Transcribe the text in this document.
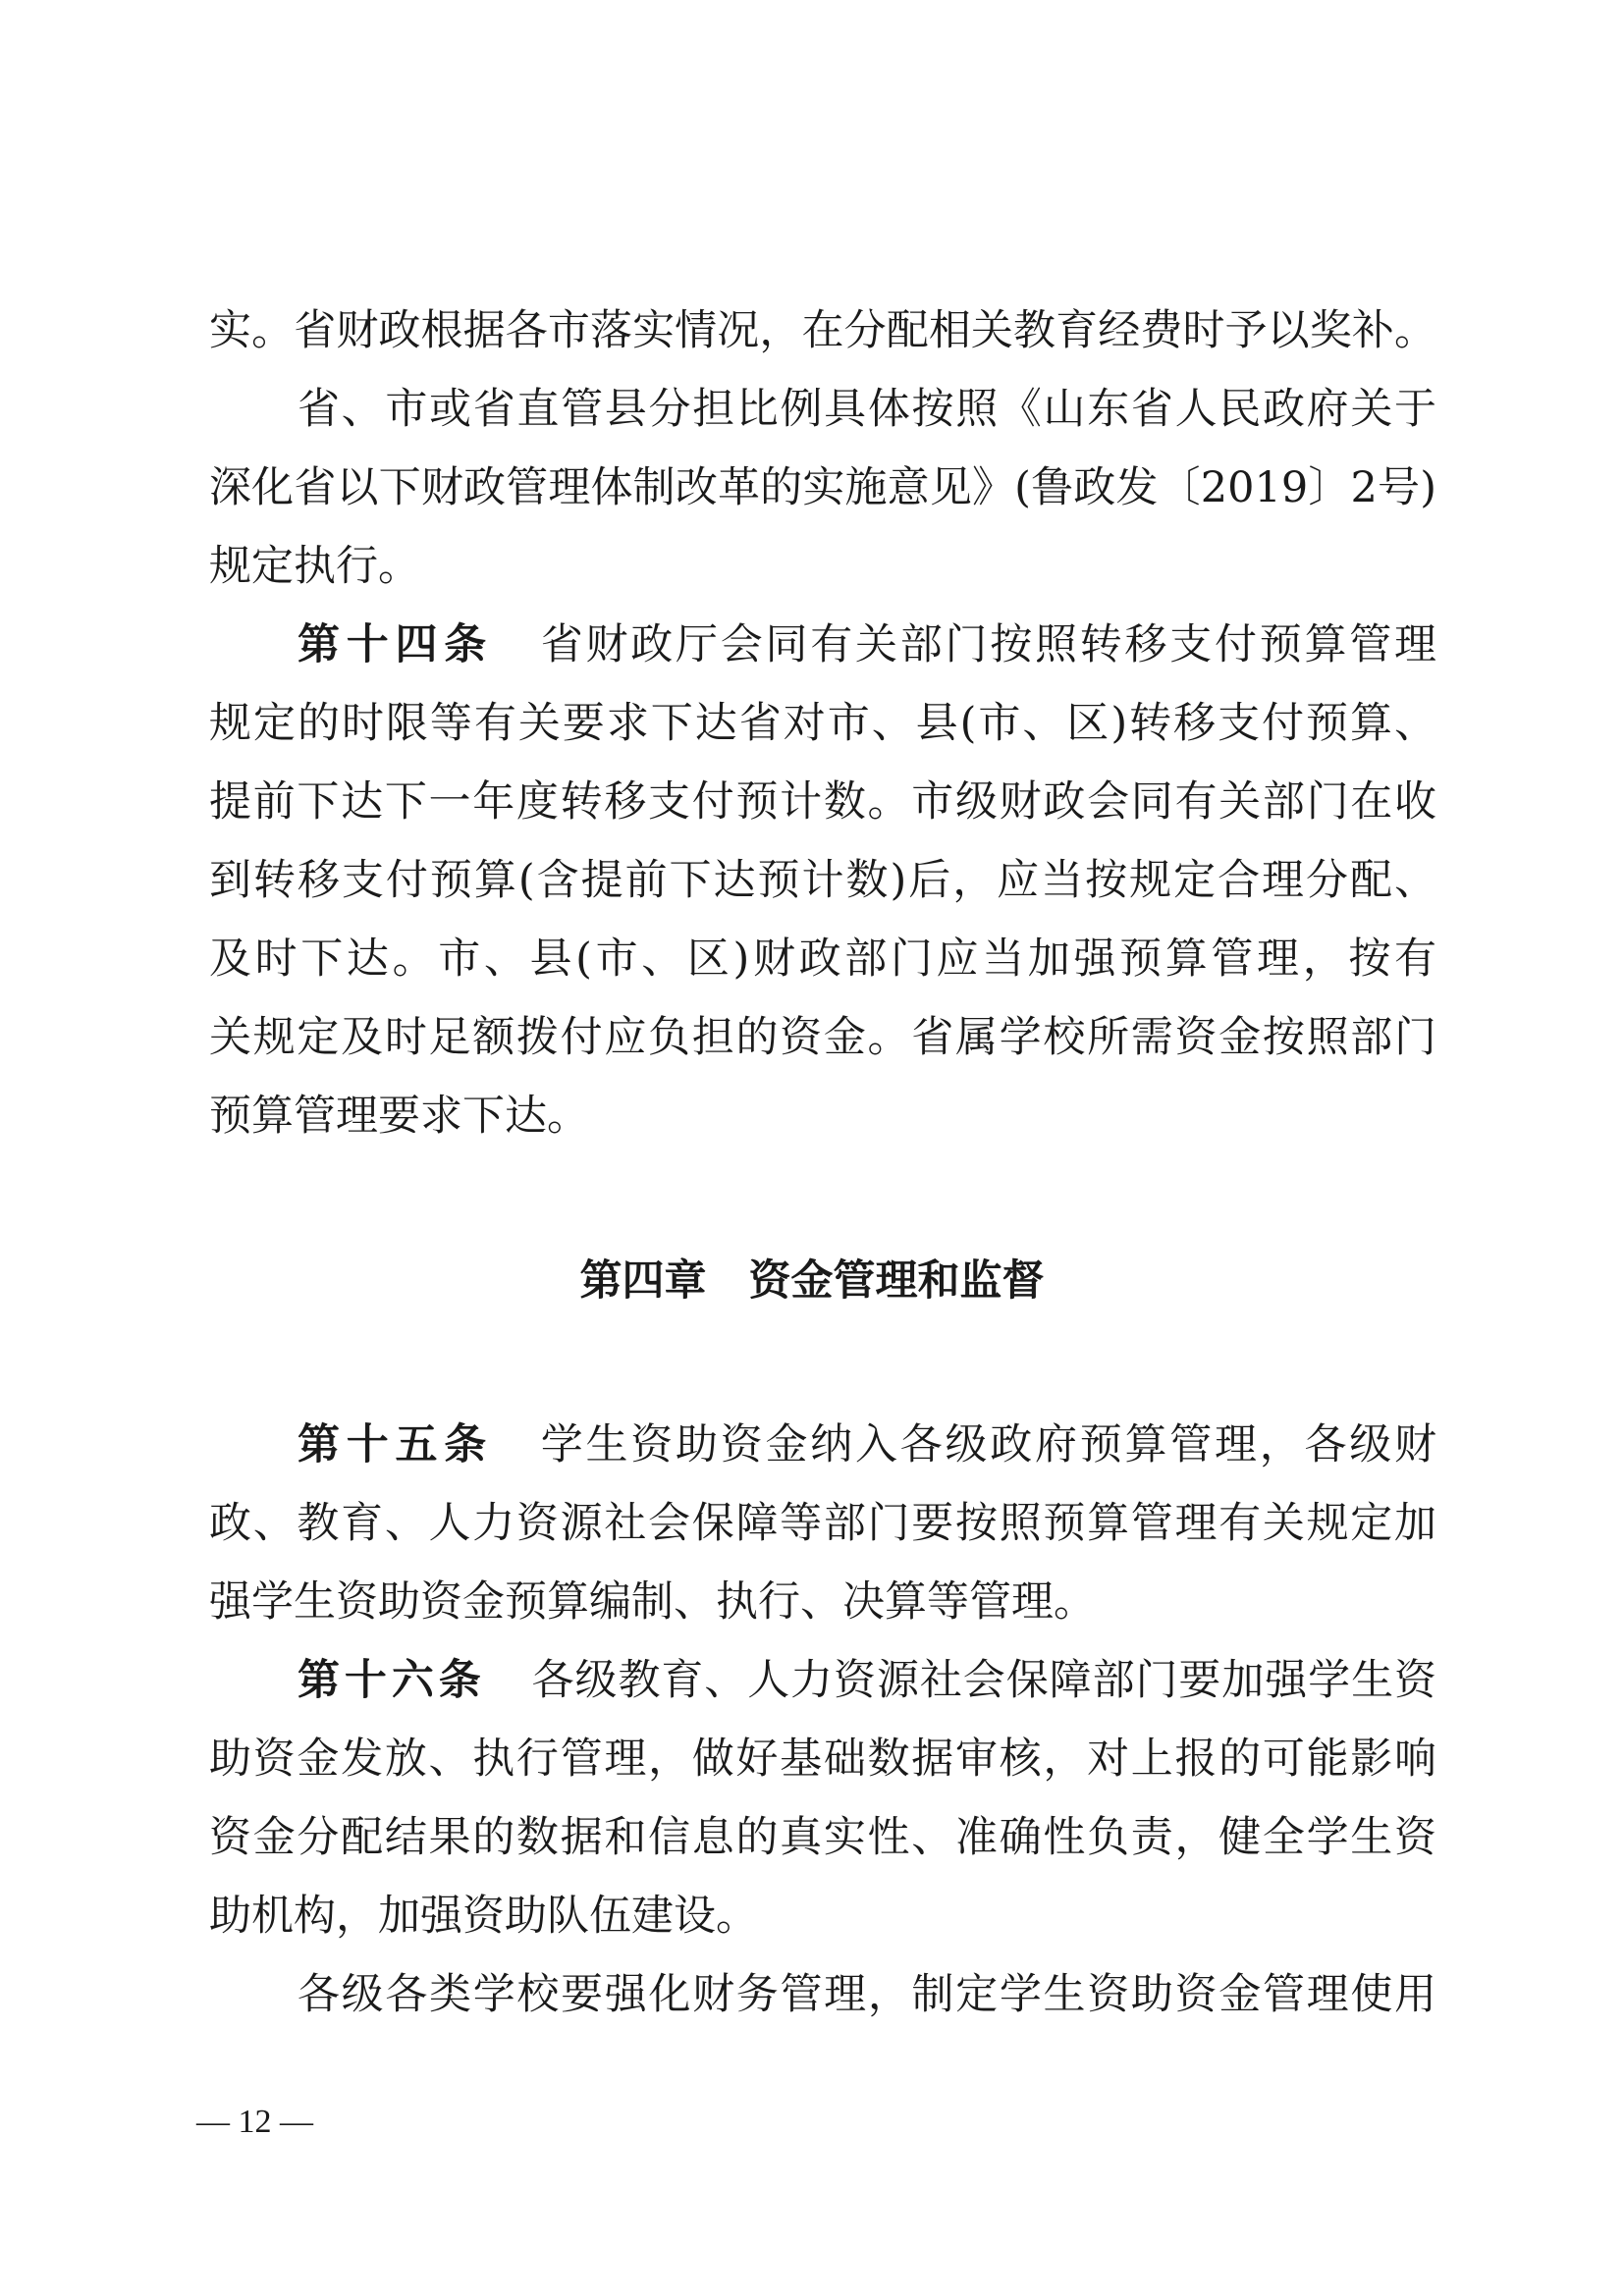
实。省财政根据各市落实情况，在分配相关教育经费时予以奖补。
省、市或省直管县分担比例具体按照《山东省人民政府关于
深化省以下财政管理体制改革的实施意见》(鲁政发〔2019〕2号)
规定执行。
第十四条 省财政厅会同有关部门按照转移支付预算管理
规定的时限等有关要求下达省对市、县(市、区)转移支付预算、
提前下达下一年度转移支付预计数。市级财政会同有关部门在收
到转移支付预算(含提前下达预计数)后，应当按规定合理分配、
及时下达。市、县(市、区)财政部门应当加强预算管理，按有
关规定及时足额拨付应负担的资金。省属学校所需资金按照部门
预算管理要求下达。
第四章　资金管理和监督
第十五条 学生资助资金纳入各级政府预算管理，各级财
政、教育、人力资源社会保障等部门要按照预算管理有关规定加
强学生资助资金预算编制、执行、决算等管理。
第十六条 各级教育、人力资源社会保障部门要加强学生资
助资金发放、执行管理，做好基础数据审核，对上报的可能影响
资金分配结果的数据和信息的真实性、准确性负责，健全学生资
助机构，加强资助队伍建设。
各级各类学校要强化财务管理，制定学生资助资金管理使用
— 12 —
